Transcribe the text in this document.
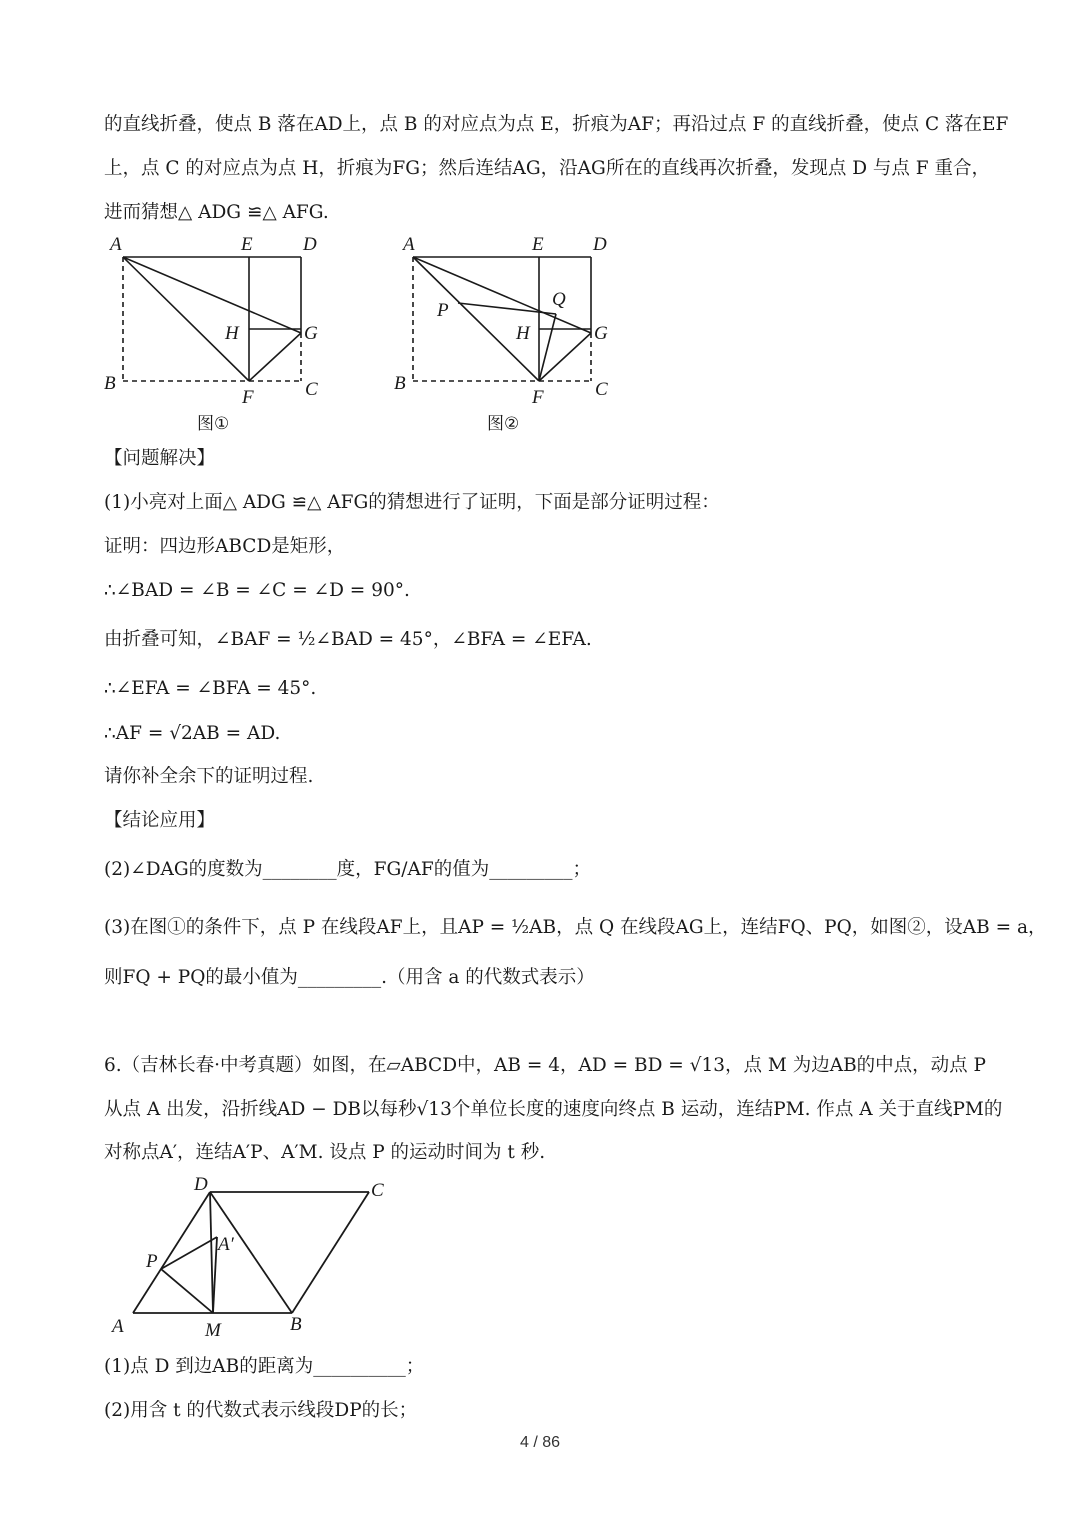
的直线折叠，使点 B 落在AD上，点 B 的对应点为点 E，折痕为AF；再沿过点 F 的直线折叠，使点 C 落在EF
上，点 C 的对应点为点 H，折痕为FG；然后连结AG，沿AG所在的直线再次折叠，发现点 D 与点 F 重合，
进而猜想△ ADG ≌△ AFG.
A	E	D
H	G
B
F	C
图①
A	E	D
P
Q
H	G
B
F	C
图②
【问题解决】
(1)小亮对上面△ ADG ≌△ AFG的猜想进行了证明，下面是部分证明过程：
证明：四边形ABCD是矩形，
∴∠BAD = ∠B = ∠C = ∠D = 90°.
由折叠可知，∠BAF = ½∠BAD = 45°，∠BFA = ∠EFA.
∴∠EFA = ∠BFA = 45°.
∴AF = √2AB = AD.
请你补全余下的证明过程.
【结论应用】
(2)∠DAG的度数为________度，FG/AF的值为_________；
(3)在图①的条件下，点 P 在线段AF上，且AP = ½AB，点 Q 在线段AG上，连结FQ、PQ，如图②，设AB = a，
则FQ + PQ的最小值为_________.（用含 a 的代数式表示）
6.（吉林长春·中考真题）如图，在▱ABCD中，AB = 4，AD = BD = √13，点 M 为边AB的中点，动点 P
从点 A 出发，沿折线AD − DB以每秒√13个单位长度的速度向终点 B 运动，连结PM. 作点 A 关于直线PM的
对称点A′，连结A′P、A′M. 设点 P 的运动时间为 t 秒.
D	C
A′
P
A	M	B
(1)点 D 到边AB的距离为__________；
(2)用含 t 的代数式表示线段DP的长；
4 / 86
